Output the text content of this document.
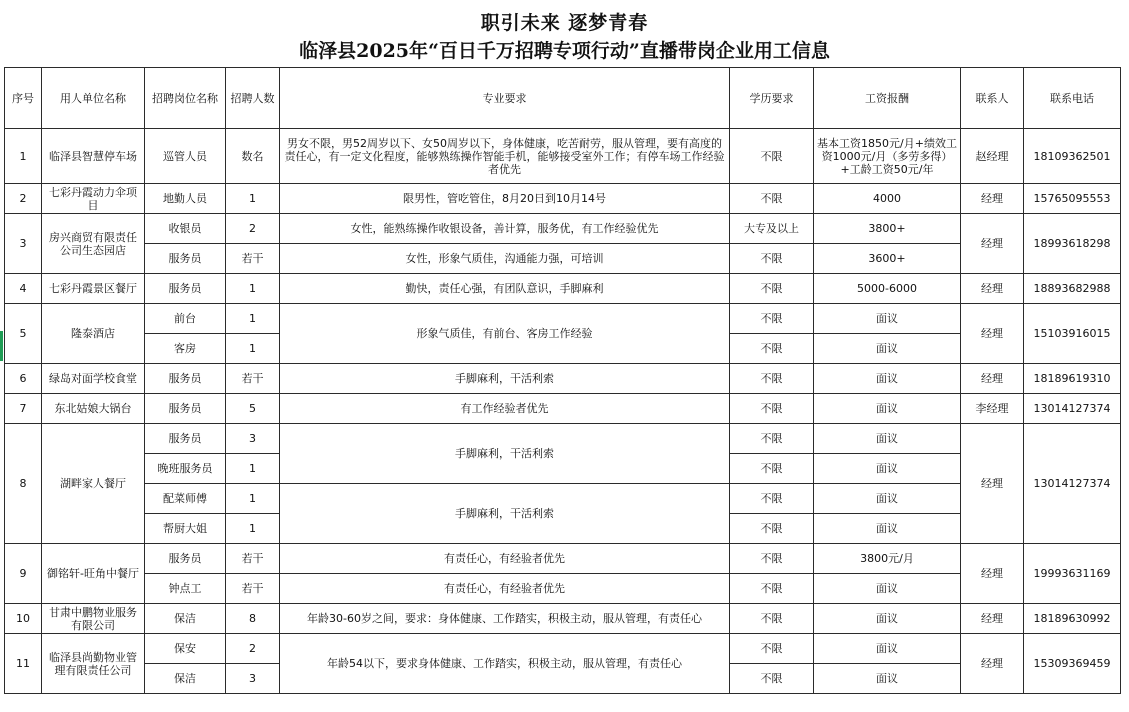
职引未来 逐梦青春
临泽县2025年“百日千万招聘专项行动”直播带岗企业用工信息
序号	用人单位名称	招聘岗位名称	招聘人数	专业要求	学历要求	工资报酬	联系人	联系电话
1	临泽县智慧停车场	巡管人员	数名	男女不限，男52周岁以下、女50周岁以下，身体健康，吃苦耐劳，服从管理，要有高度的责任心，有一定文化程度，能够熟练操作智能手机，能够接受室外工作；有停车场工作经验者优先	不限	基本工资1850元/月+绩效工资1000元/月（多劳多得）+工龄工资50元/年	赵经理	18109362501
2	七彩丹霞动力伞项目	地勤人员	1	限男性，管吃管住，8月20日到10月14号	不限	4000	经理	15765095553
3	房兴商贸有限责任公司生态园店	收银员	2	女性，能熟练操作收银设备，善计算，服务优，有工作经验优先	大专及以上	3800+	经理	18993618298
		服务员	若干	女性，形象气质佳，沟通能力强，可培训	不限	3600+		
4	七彩丹霞景区餐厅	服务员	1	勤快，责任心强，有团队意识，手脚麻利	不限	5000-6000	经理	18893682988
5	隆泰酒店	前台	1	形象气质佳，有前台、客房工作经验	不限	面议	经理	15103916015
		客房	1		不限	面议		
6	绿岛对面学校食堂	服务员	若干	手脚麻利，干活利索	不限	面议	经理	18189619310
7	东北姑娘大锅台	服务员	5	有工作经验者优先	不限	面议	李经理	13014127374
8	湖畔家人餐厅	服务员	3	手脚麻利，干活利索	不限	面议	经理	13014127374
		晚班服务员	1		不限	面议		
		配菜师傅	1	手脚麻利，干活利索	不限	面议		
		帮厨大姐	1		不限	面议		
9	御铭轩-旺角中餐厅	服务员	若干	有责任心，有经验者优先	不限	3800元/月	经理	19993631169
		钟点工	若干	有责任心，有经验者优先	不限	面议		
10	甘肃中鹏物业服务有限公司	保洁	8	年龄30-60岁之间，要求：身体健康、工作踏实，积极主动，服从管理，有责任心	不限	面议	经理	18189630992
11	临泽县尚勤物业管理有限责任公司	保安	2	年龄54以下，要求身体健康、工作踏实，积极主动，服从管理，有责任心	不限	面议	经理	15309369459
		保洁	3		不限	面议		
